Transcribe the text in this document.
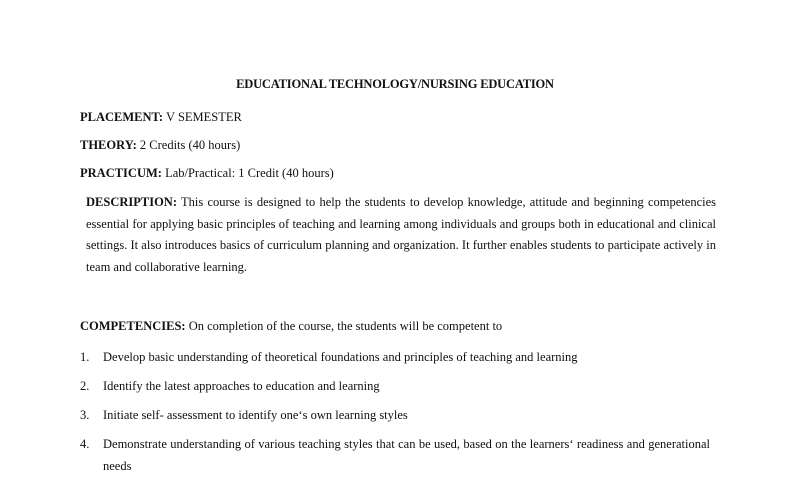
EDUCATIONAL TECHNOLOGY/NURSING EDUCATION
PLACEMENT: V SEMESTER
THEORY: 2 Credits (40 hours)
PRACTICUM: Lab/Practical: 1 Credit (40 hours)
DESCRIPTION: This course is designed to help the students to develop knowledge, attitude and beginning competencies essential for applying basic principles of teaching and learning among individuals and groups both in educational and clinical settings. It also introduces basics of curriculum planning and organization. It further enables students to participate actively in team and collaborative learning.
COMPETENCIES: On completion of the course, the students will be competent to
1. Develop basic understanding of theoretical foundations and principles of teaching and learning
2. Identify the latest approaches to education and learning
3. Initiate self- assessment to identify one‘s own learning styles
4. Demonstrate understanding of various teaching styles that can be used, based on the learners‘ readiness and generational needs
